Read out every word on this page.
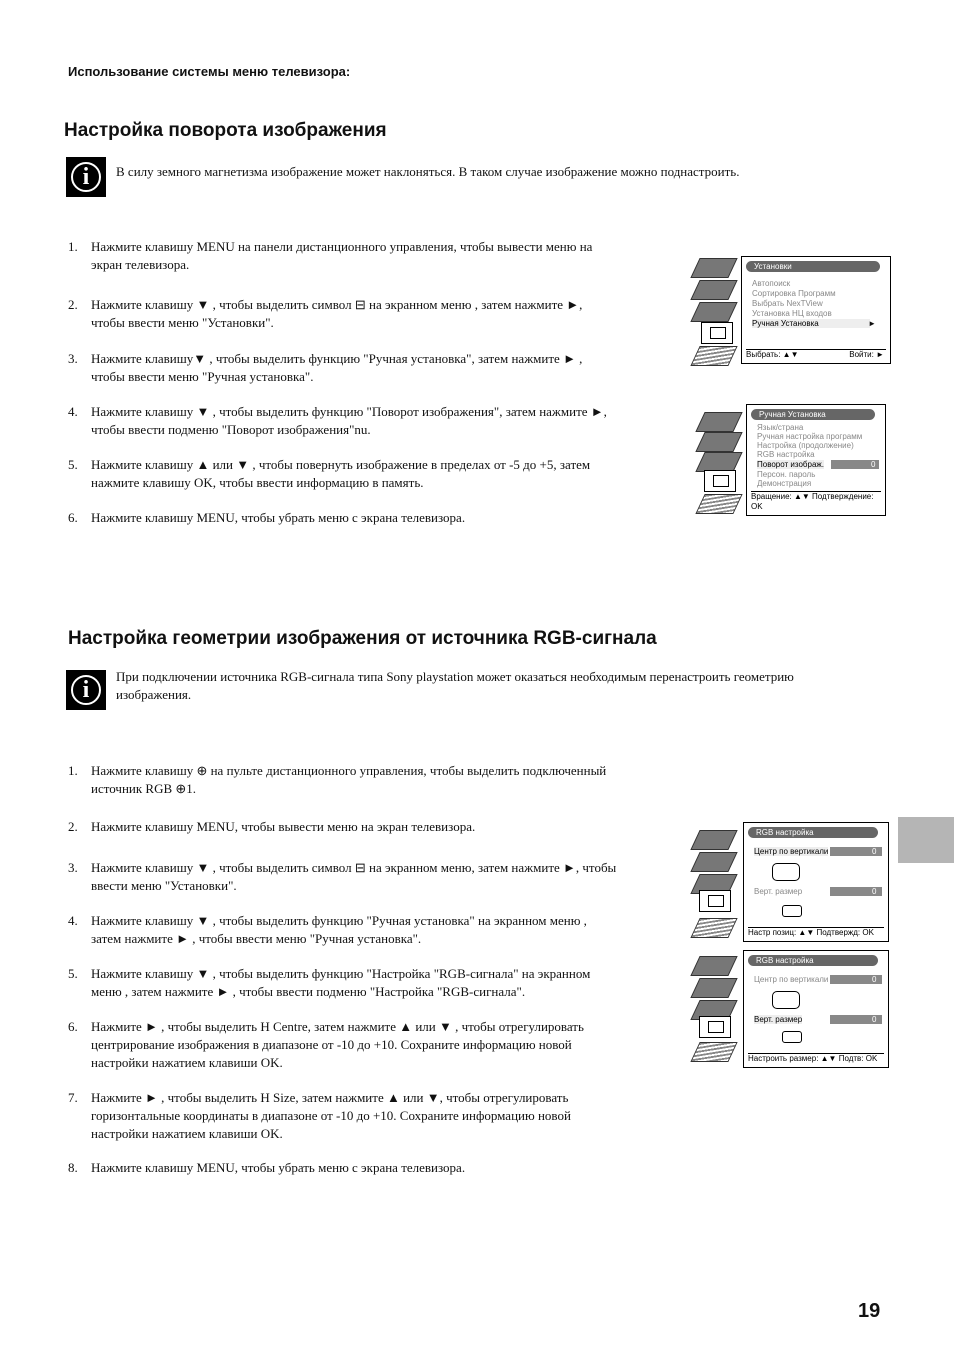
Использование системы меню телевизора:
Настройка поворота изображения
i	В силу земного магнетизма изображение может наклоняться. В таком случае изображение можно поднастроить.
1. Нажмите клавишу MENU на панели дистанционного управления, чтобы вывести меню на
экран телевизора.
2. Нажмите клавишу ▼ , чтобы выделить символ ⊟ на экранном меню , затем нажмите ►,
чтобы ввести меню "Установки".
3. Нажмите клавишу▼ , чтобы выделить функцию "Ручная установка", затем нажмите ► ,
чтобы ввести меню "Ручная установка".
4. Нажмите клавишу ▼ , чтобы выделить функцию "Поворот изображения", затем нажмите ►,
чтобы ввести подменю "Поворот изображения"nu.
5. Нажмите клавишу ▲ или ▼ , чтобы повернуть изображение в пределах от -5 до +5, затем
нажмите клавишу OK, чтобы ввести информацию в память.
6. Нажмите клавишу MENU, чтобы убрать меню с экрана телевизора.
Настройка геометрии изображения от источника RGB-сигнала
i
При подключении источника RGB-сигнала типа Sony playstation может оказаться необходимым перенастроить геометрию
изображения.
1. Нажмите клавишу ⊕ на пульте дистанционного управления, чтобы выделить подключенный
источник RGB ⊕1.
2. Нажмите клавишу MENU, чтобы вывести меню на экран телевизора.
3. Нажмите клавишу ▼ , чтобы выделить символ ⊟ на экранном меню, затем нажмите ►, чтобы
ввести меню "Установки".
4. Нажмите клавишу ▼ , чтобы выделить функцию "Ручная установка" на экранном меню ,
затем нажмите ► , чтобы ввести меню "Ручная установка".
5. Нажмите клавишу ▼ , чтобы выделить функцию "Настройка "RGB-сигнала" на экранном
меню , затем нажмите ► , чтобы ввести подменю "Настройка "RGB-сигнала".
6. Нажмите ► , чтобы выделить H Centre, затем нажмите ▲ или ▼ , чтобы отрегулировать
центрирование изображения в диапазоне от -10 до +10. Сохраните информацию новой
настройки нажатием клавиши OK.
7. Нажмите ► , чтобы выделить H Size, затем нажмите ▲ или ▼, чтобы отрегулировать
горизонтальные координаты в диапазоне от -10 до +10. Сохраните информацию новой
настройки нажатием клавиши OK.
8. Нажмите клавишу MENU, чтобы убрать меню с экрана телевизора.
Установки
Автопоиск
Сортировка Программ
Выбрать NexTView
Установка НЦ входов
Ручная Установка	►
Выбрать: ▲▼	Войти: ►
Ручная Установка
Язык/страна
Ручная настройка программ
Настройка (продолжение)
RGB настройка
Поворот изображ.	0
Персон. пароль
Демонстрация
Вращение: ▲▼ Подтверждение: OK
RGB настройка
Центр по вертикали	0
Верт. размер	0
Настр позиц: ▲▼ Подтвержд: OK
RGB настройка
Центр по вертикали	0
Верт. размер	0
Настроить размер: ▲▼ Подтв: OK
19
